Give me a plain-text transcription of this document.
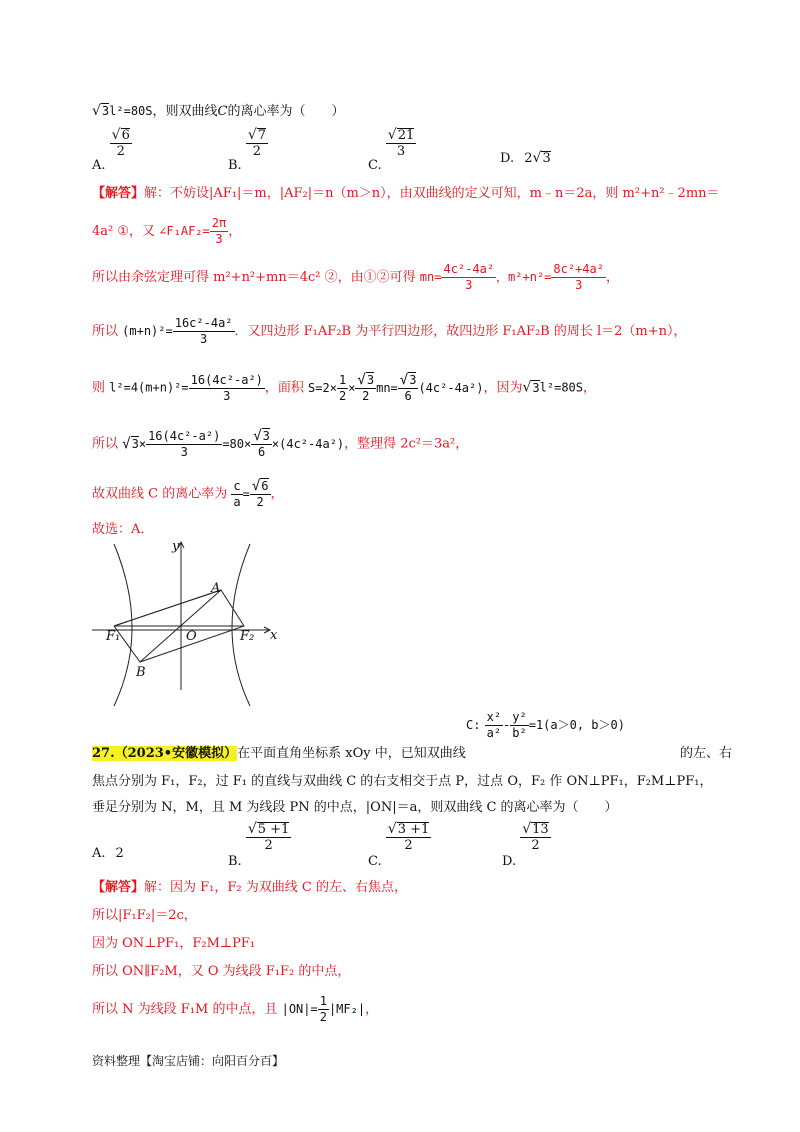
√3l²=80S，则双曲线C的离心率为（　　）
A.
$\frac{√6}{2}$
B.
$\frac{√7}{2}$
C.
$\frac{√21}{3}$	D. 2√3
【解答】解：不妨设|AF₁|＝m，|AF₂|＝n（m＞n），由双曲线的定义可知，m﹣n＝2a，则 m²+n²﹣2mn＝
4a² ①，又 ∠F₁AF₂= $\frac{2\pi}{3}$ ，
所以由余弦定理可得 m²+n²+mn＝4c² ②，由①②可得 $mn= \frac{\text{4c²-4a²}}{3}$ ，$m^2+n^2= \frac{\text{8c²+4a²}}{3}$ ，
所以 $(m+n)^2= \frac{\text{16c²-4a²}}{3}$ ．又四边形 F₁AF₂B 为平行四边形，故四边形 F₁AF₂B 的周长 l＝2（m+n），
则 $l^2=4(m+n)^2= \frac{\text{16(4c²-a²)}}{3}$ ，面积 $S=2\times \frac{1}{2} \times \frac{√3}{2} mn= \frac{√3}{6} (4c^2-4a^2)$，因为√3l²=80S，
所以 $√3\times \frac{\text{16(4c²-a²)}}{3} =80\times \frac{√3}{6} \times(4c^2-4a^2)$，整理得 2c²＝3a²，
故双曲线 C 的离心率为 $\frac{c}{a} = \frac{√6}{2}$ ，
故选：A．
y
x
O
A
B
F₁	F₂
C: $\frac{\text{x²}}{\text{a²}} - \frac{\text{y²}}{\text{b²}} =1(a>0$, b＞0)
27.（2023•安徽模拟）在平面直角坐标系 xOy 中，已知双曲线	的左、右
焦点分别为 F₁，F₂，过 F₁ 的直线与双曲线 C 的右支相交于点 P，过点 O，F₂ 作 ON⊥PF₁，F₂M⊥PF₁，
垂足分别为 N，M，且 M 为线段 PN 的中点，|ON|＝a，则双曲线 C 的离心率为（　　）
A. 2
B.
$\frac{√5 +1}{2}$
C.
$\frac{√3 +1}{2}$
D.
$\frac{√13}{2}$
【解答】解：因为 F₁，F₂ 为双曲线 C 的左、右焦点，
所以|F₁F₂|＝2c，
因为 ON⊥PF₁，F₂M⊥PF₁
所以 ON∥F₂M，又 O 为线段 F₁F₂ 的中点，
所以 N 为线段 F₁M 的中点，且 $|ON|= \frac{1}{2} |MF_2|$，
资料整理【淘宝店铺：向阳百分百】
